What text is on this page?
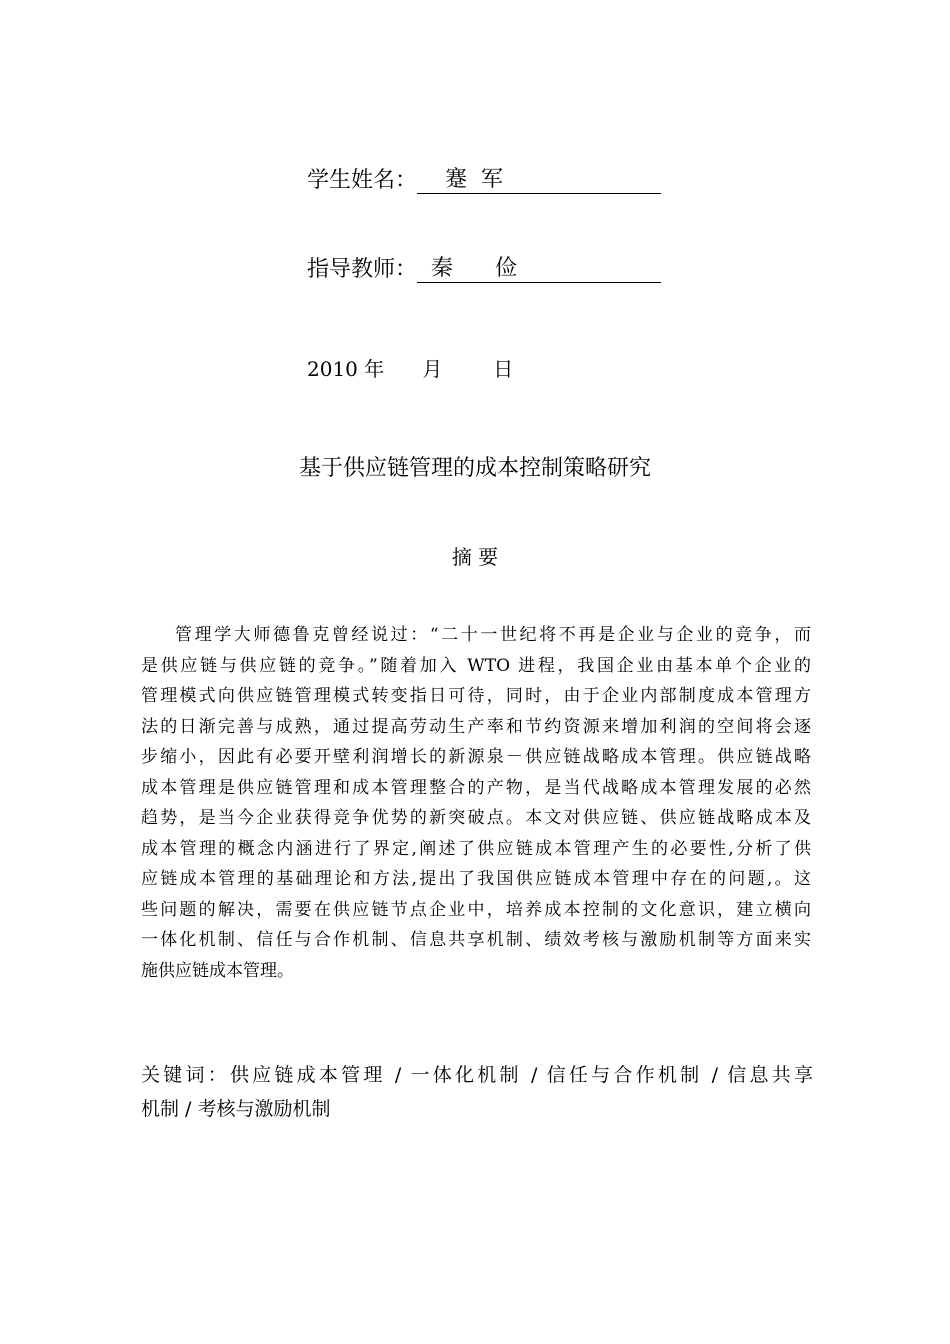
学生姓名： 蹇  军
指导教师： 秦      俭
2010 年      月        日
基于供应链管理的成本控制策略研究
摘 要
管理学大师德鲁克曾经说过：“二十一世纪将不再是企业与企业的竞争，而
是供应链与供应链的竞争。”随着加入 WTO 进程，我国企业由基本单个企业的
管理模式向供应链管理模式转变指日可待，同时，由于企业内部制度成本管理方
法的日渐完善与成熟，通过提高劳动生产率和节约资源来增加利润的空间将会逐
步缩小，因此有必要开壁利润增长的新源泉－供应链战略成本管理。供应链战略
成本管理是供应链管理和成本管理整合的产物，是当代战略成本管理发展的必然
趋势，是当今企业获得竞争优势的新突破点。本文对供应链、供应链战略成本及
成本管理的概念内涵进行了界定,阐述了供应链成本管理产生的必要性,分析了供
应链成本管理的基础理论和方法,提出了我国供应链成本管理中存在的问题,。这
些问题的解决，需要在供应链节点企业中，培养成本控制的文化意识，建立横向
一体化机制、信任与合作机制、信息共享机制、绩效考核与激励机制等方面来实
施供应链成本管理。
关键词：供应链成本管理 / 一体化机制 / 信任与合作机制 / 信息共享
机制 / 考核与激励机制
